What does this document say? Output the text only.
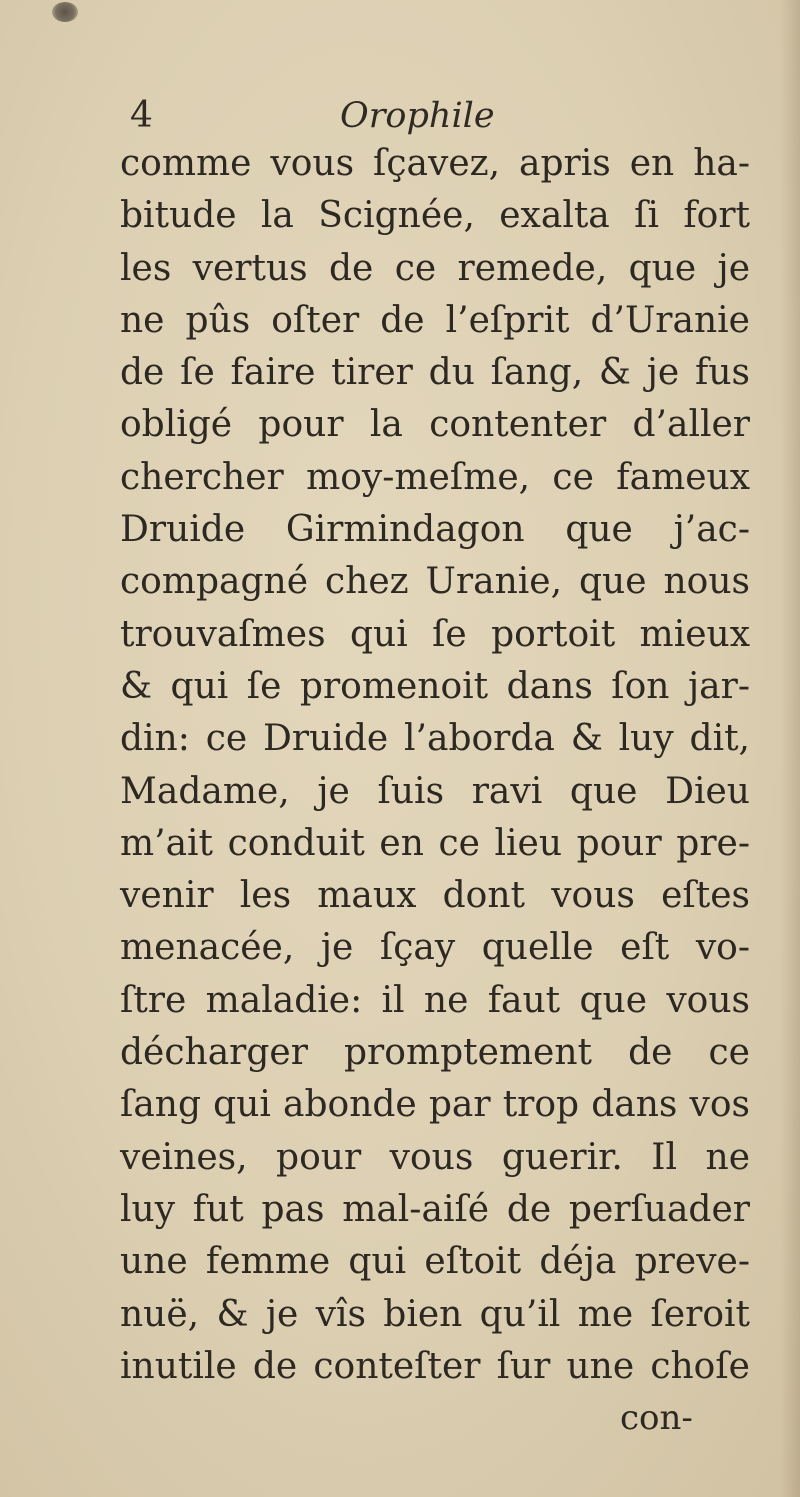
4	Orophile
comme vous ſçavez, apris en ha-
bitude la Scignée, exalta ſi fort
les vertus de ce remede, que je
ne pûs oſter de l’eſprit d’Uranie
de ſe faire tirer du ſang, & je fus
obligé pour la contenter d’aller
chercher moy-meſme, ce fameux
Druide Girmindagon que j’ac-
compagné chez Uranie, que nous
trouvaſmes qui ſe portoit mieux
& qui ſe promenoit dans ſon jar-
din: ce Druide l’aborda & luy dit,
Madame, je ſuis ravi que Dieu
m’ait conduit en ce lieu pour pre-
venir les maux dont vous eſtes
menacée, je ſçay quelle eſt vo-
ſtre maladie: il ne faut que vous
décharger promptement de ce
ſang qui abonde par trop dans vos
veines, pour vous guerir. Il ne
luy fut pas mal-aiſé de perſuader
une femme qui eſtoit déja preve-
nuë, & je vîs bien qu’il me ſeroit
inutile de conteſter ſur une choſe
con-
